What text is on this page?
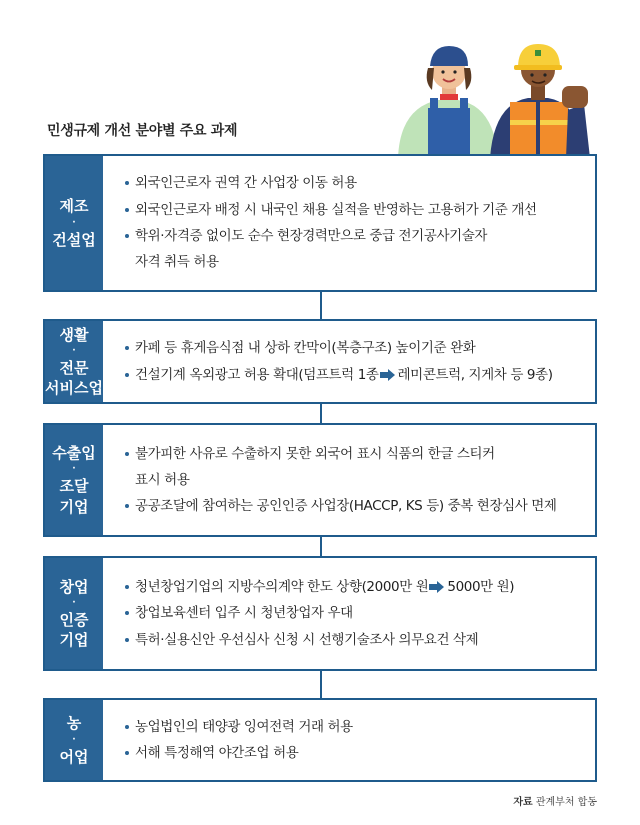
민생규제 개선 분야별 주요 과제
제조
·
건설업
외국인근로자 권역 간 사업장 이동 허용
외국인근로자 배정 시 내국인 채용 실적을 반영하는 고용허가 기준 개선
학위·자격증 없이도 순수 현장경력만으로 중급 전기공사기술자
자격 취득 허용
생활
·
전문
서비스업
카페 등 휴게음식점 내 상하 칸막이(복층구조) 높이기준 완화
건설기계 옥외광고 허용 확대(덤프트럭 1종 레미콘트럭, 지게차 등 9종)
수출입
·
조달
기업
불가피한 사유로 수출하지 못한 외국어 표시 식품의 한글 스티커
표시 허용
공공조달에 참여하는 공인인증 사업장(HACCP, KS 등) 중복 현장심사 면제
창업
·
인증
기업
청년창업기업의 지방수의계약 한도 상향(2000만 원 5000만 원)
창업보육센터 입주 시 청년창업자 우대
특허·실용신안 우선심사 신청 시 선행기술조사 의무요건 삭제
농
·
어업
농업법인의 태양광 잉여전력 거래 허용
서해 특정해역 야간조업 허용
자료 관계부처 합동
